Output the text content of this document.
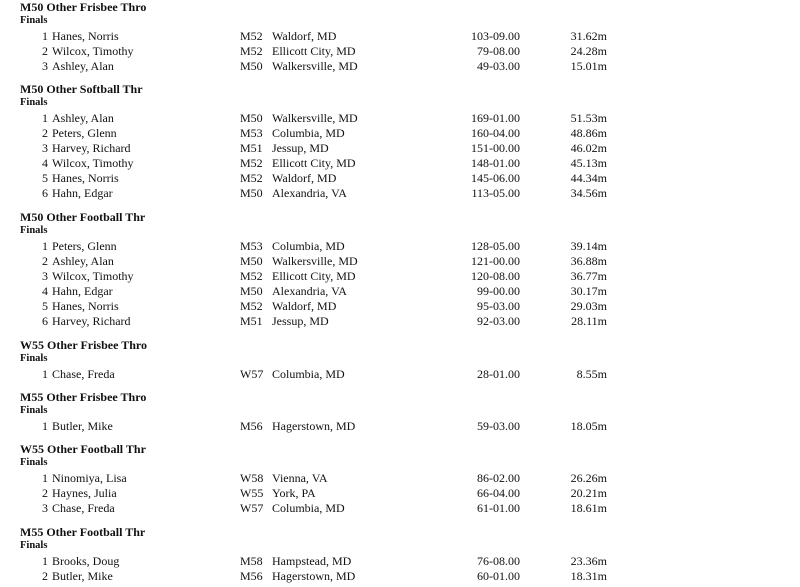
M50 Other Frisbee Thro
Finals
1 Hanes, Norris	M52 Waldorf, MD	103-09.00	31.62m
2 Wilcox, Timothy	M52 Ellicott City, MD	79-08.00	24.28m
3 Ashley, Alan	M50 Walkersville, MD	49-03.00	15.01m
M50 Other Softball Thr
Finals
1 Ashley, Alan	M50 Walkersville, MD	169-01.00	51.53m
2 Peters, Glenn	M53 Columbia, MD	160-04.00	48.86m
3 Harvey, Richard	M51 Jessup, MD	151-00.00	46.02m
4 Wilcox, Timothy	M52 Ellicott City, MD	148-01.00	45.13m
5 Hanes, Norris	M52 Waldorf, MD	145-06.00	44.34m
6 Hahn, Edgar	M50 Alexandria, VA	113-05.00	34.56m
M50 Other Football Thr
Finals
1 Peters, Glenn	M53 Columbia, MD	128-05.00	39.14m
2 Ashley, Alan	M50 Walkersville, MD	121-00.00	36.88m
3 Wilcox, Timothy	M52 Ellicott City, MD	120-08.00	36.77m
4 Hahn, Edgar	M50 Alexandria, VA	99-00.00	30.17m
5 Hanes, Norris	M52 Waldorf, MD	95-03.00	29.03m
6 Harvey, Richard	M51 Jessup, MD	92-03.00	28.11m
W55 Other Frisbee Thro
Finals
1 Chase, Freda	W57 Columbia, MD	28-01.00	8.55m
M55 Other Frisbee Thro
Finals
1 Butler, Mike	M56 Hagerstown, MD	59-03.00	18.05m
W55 Other Football Thr
Finals
1 Ninomiya, Lisa	W58 Vienna, VA	86-02.00	26.26m
2 Haynes, Julia	W55 York, PA	66-04.00	20.21m
3 Chase, Freda	W57 Columbia, MD	61-01.00	18.61m
M55 Other Football Thr
Finals
1 Brooks, Doug	M58 Hampstead, MD	76-08.00	23.36m
2 Butler, Mike	M56 Hagerstown, MD	60-01.00	18.31m
